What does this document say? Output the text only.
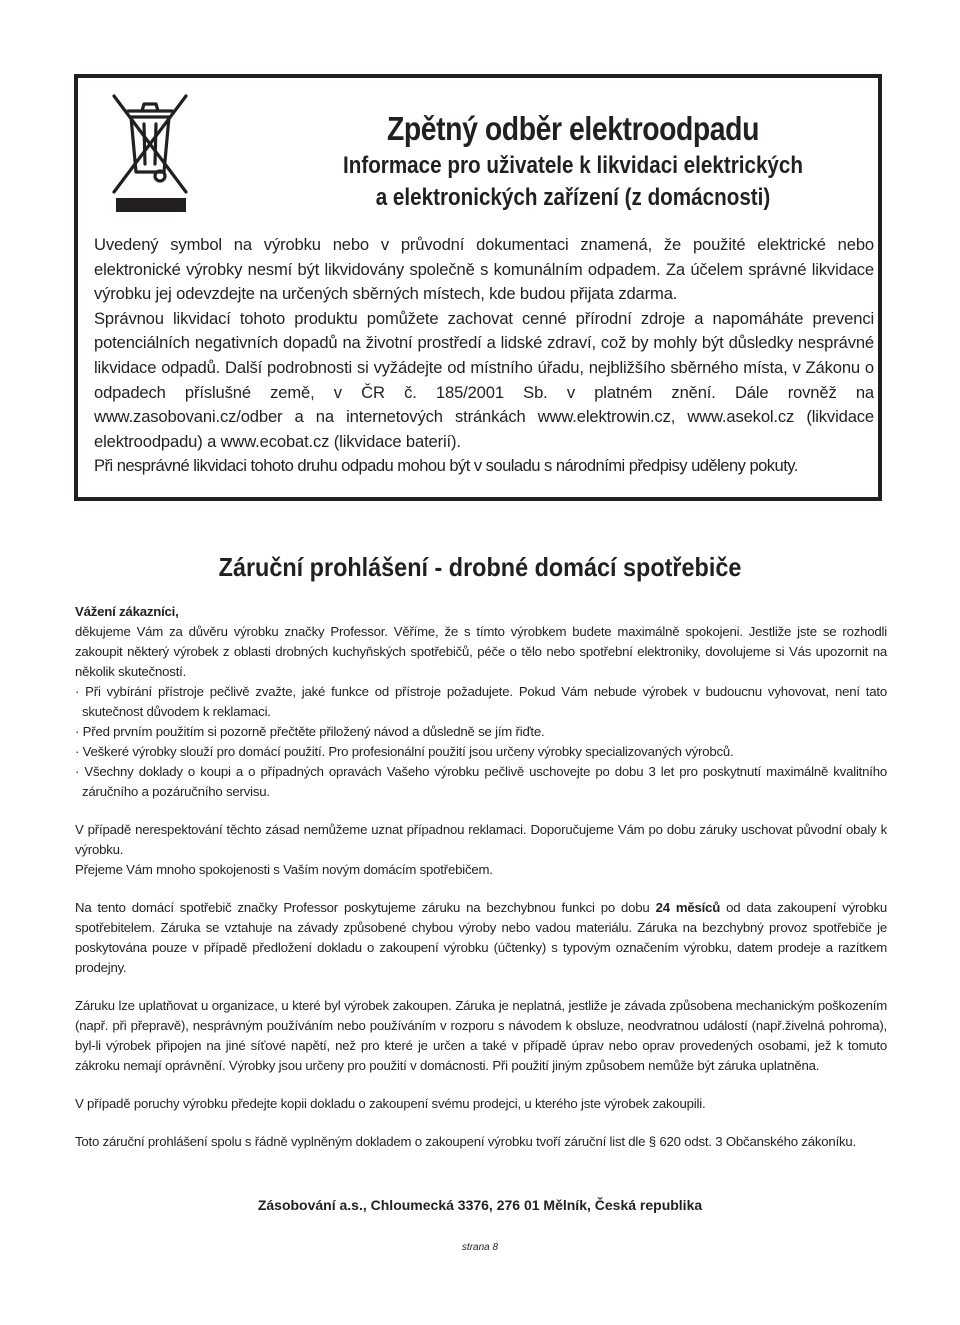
Zpětný odběr elektroodpadu
Informace pro uživatele k likvidaci elektrických
a elektronických zařízení (z domácnosti)

Uvedený symbol na výrobku nebo v průvodní dokumentaci znamená, že použité elektrické nebo elektronické výrobky nesmí být likvidovány společně s komunálním odpadem. Za účelem správné likvidace výrobku jej odevzdejte na určených sběrných místech, kde budou přijata zdarma.

Správnou likvidací tohoto produktu pomůžete zachovat cenné přírodní zdroje a napomáháte prevenci potenciálních negativních dopadů na životní prostředí a lidské zdraví, což by mohly být důsledky nesprávné likvidace odpadů. Další podrobnosti si vyžádejte od místního úřadu, nejbližšího sběrného místa, v Zákonu o odpadech příslušné země, v ČR č. 185/2001 Sb. v platném znění. Dále rovněž na www.zasobovani.cz/odber a na internetových stránkách www.elektrowin.cz, www.asekol.cz (likvidace elektroodpadu) a www.ecobat.cz (likvidace baterií).

Při nesprávné likvidaci tohoto druhu odpadu mohou být v souladu s národními předpisy uděleny pokuty.

Záruční prohlášení - drobné domácí spotřebiče

Vážení zákazníci,

děkujeme Vám za důvěru výrobku značky Professor. Věříme, že s tímto výrobkem budete maximálně spokojeni. Jestliže jste se rozhodli zakoupit některý výrobek z oblasti drobných kuchyňských spotřebičů, péče o tělo nebo spotřební elektroniky, dovolujeme si Vás upozornit na několik skutečností.

· Při vybírání přístroje pečlivě zvažte, jaké funkce od přístroje požadujete. Pokud Vám nebude výrobek v budoucnu vyhovovat, není tato skutečnost důvodem k reklamaci.

· Před prvním použitím si pozorně přečtěte přiložený návod a důsledně se jím řiďte.

· Veškeré výrobky slouží pro domácí použití. Pro profesionální použití jsou určeny výrobky specializovaných výrobců.

· Všechny doklady o koupi a o případných opravách Vašeho výrobku pečlivě uschovejte po dobu 3 let pro poskytnutí maximálně kvalitního záručního a pozáručního servisu.

V případě nerespektování těchto zásad nemůžeme uznat případnou reklamaci. Doporučujeme Vám po dobu záruky uschovat původní obaly k výrobku.

Přejeme Vám mnoho spokojenosti s Vaším novým domácím spotřebičem.

Na tento domácí spotřebič značky Professor poskytujeme záruku na bezchybnou funkci po dobu 24 měsíců od data zakoupení výrobku spotřebitelem. Záruka se vztahuje na závady způsobené chybou výroby nebo vadou materiálu. Záruka na bezchybný provoz spotřebiče je poskytována pouze v případě předložení dokladu o zakoupení výrobku (účtenky) s typovým označením výrobku, datem prodeje a razítkem prodejny.

Záruku lze uplatňovat u organizace, u které byl výrobek zakoupen. Záruka je neplatná, jestliže je závada způsobena mechanickým poškozením (např. při přepravě), nesprávným používáním nebo používáním v rozporu s návodem k obsluze, neodvratnou událostí (např.živelná pohroma), byl-li výrobek připojen na jiné síťové napětí, než pro které je určen a také v případě úprav nebo oprav provedených osobami, jež k tomuto zákroku nemají oprávnění. Výrobky jsou určeny pro použití v domácnosti. Při použití jiným způsobem nemůže být záruka uplatněna.

V případě poruchy výrobku předejte kopii dokladu o zakoupení svému prodejci, u kterého jste výrobek zakoupili.

Toto záruční prohlášení spolu s řádně vyplněným dokladem o zakoupení výrobku tvoří záruční list dle § 620 odst. 3 Občanského zákoníku.

Zásobování a.s., Chloumecká 3376, 276 01 Mělník, Česká republika
strana 8
